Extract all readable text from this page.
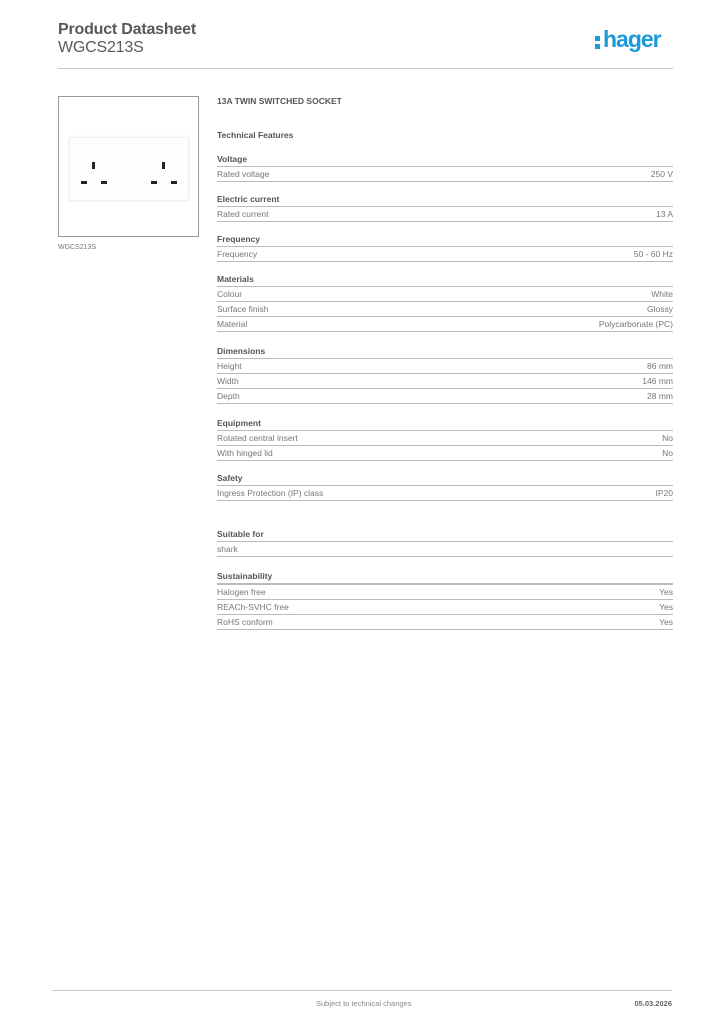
Product Datasheet
WGCS213S	hager
WGCS213S
13A TWIN SWITCHED SOCKET
Technical Features
Voltage
Rated voltage	250 V
Electric current
Rated current	13 A
Frequency
Frequency	50 - 60 Hz
Materials
Colour	White
Surface finish	Glossy
Material	Polycarbonate (PC)
Dimensions
Height	86 mm
Width	146 mm
Depth	28 mm
Equipment
Rotated central insert	No
With hinged lid	No
Safety
Ingress Protection (IP) class	IP20
Suitable for
shark
Sustainability
Halogen free	Yes
REACh-SVHC free	Yes
RoHS conform	Yes
Subject to technical changes	05.03.2026
